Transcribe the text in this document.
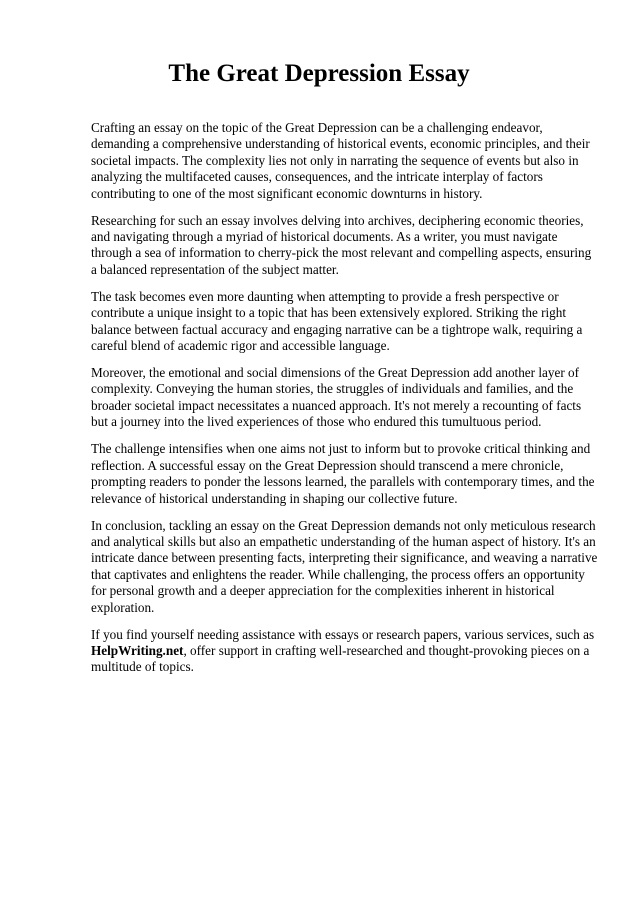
The Great Depression Essay

Crafting an essay on the topic of the Great Depression can be a challenging endeavor, demanding a comprehensive understanding of historical events, economic principles, and their societal impacts. The complexity lies not only in narrating the sequence of events but also in analyzing the multifaceted causes, consequences, and the intricate interplay of factors contributing to one of the most significant economic downturns in history.

Researching for such an essay involves delving into archives, deciphering economic theories, and navigating through a myriad of historical documents. As a writer, you must navigate through a sea of information to cherry-pick the most relevant and compelling aspects, ensuring a balanced representation of the subject matter.

The task becomes even more daunting when attempting to provide a fresh perspective or contribute a unique insight to a topic that has been extensively explored. Striking the right balance between factual accuracy and engaging narrative can be a tightrope walk, requiring a careful blend of academic rigor and accessible language.

Moreover, the emotional and social dimensions of the Great Depression add another layer of complexity. Conveying the human stories, the struggles of individuals and families, and the broader societal impact necessitates a nuanced approach. It's not merely a recounting of facts but a journey into the lived experiences of those who endured this tumultuous period.

The challenge intensifies when one aims not just to inform but to provoke critical thinking and reflection. A successful essay on the Great Depression should transcend a mere chronicle, prompting readers to ponder the lessons learned, the parallels with contemporary times, and the relevance of historical understanding in shaping our collective future.

In conclusion, tackling an essay on the Great Depression demands not only meticulous research and analytical skills but also an empathetic understanding of the human aspect of history. It's an intricate dance between presenting facts, interpreting their significance, and weaving a narrative that captivates and enlightens the reader. While challenging, the process offers an opportunity for personal growth and a deeper appreciation for the complexities inherent in historical exploration.

If you find yourself needing assistance with essays or research papers, various services, such as HelpWriting.net, offer support in crafting well-researched and thought-provoking pieces on a multitude of topics.
